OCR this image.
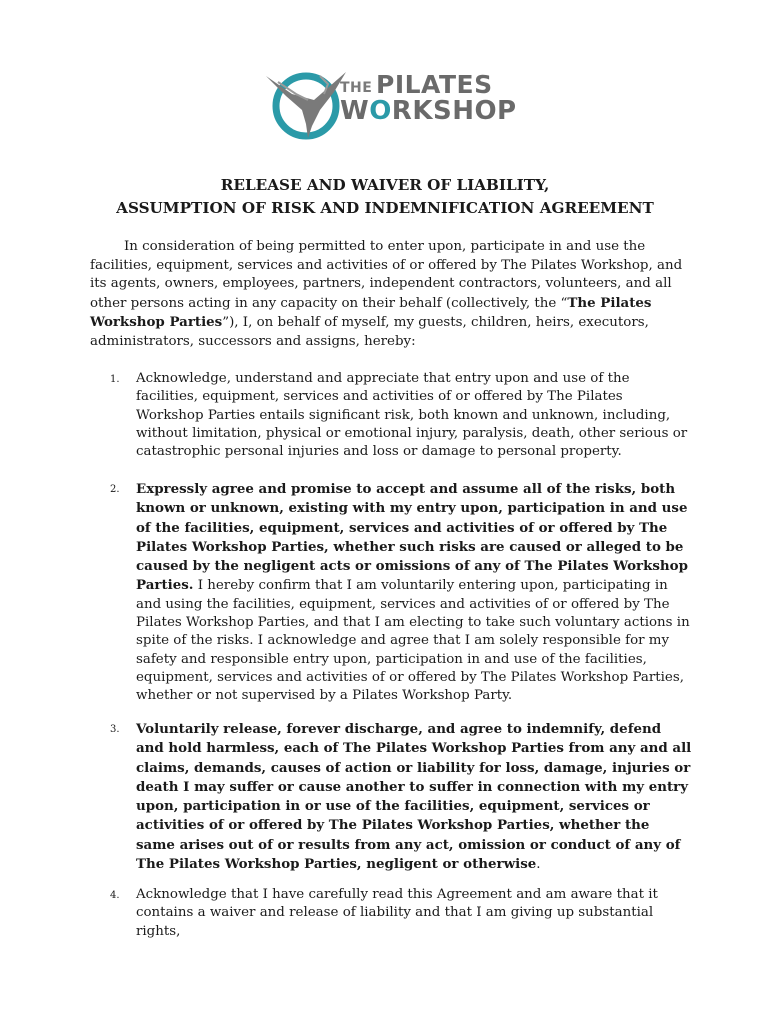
THE PILATES
WORKSHOP
RELEASE AND WAIVER OF LIABILITY,
ASSUMPTION OF RISK AND INDEMNIFICATION AGREEMENT

In consideration of being permitted to enter upon, participate in and use the facilities, equipment, services and activities of or offered by The Pilates Workshop, and its agents, owners, employees, partners, independent contractors, volunteers, and all other persons acting in any capacity on their behalf (collectively, the “The Pilates Workshop Parties”), I, on behalf of myself, my guests, children, heirs, executors, administrators, successors and assigns, hereby:

1. Acknowledge, understand and appreciate that entry upon and use of the facilities, equipment, services and activities of or offered by The Pilates Workshop Parties entails significant risk, both known and unknown, including, without limitation, physical or emotional injury, paralysis, death, other serious or catastrophic personal injuries and loss or damage to personal property.

2. Expressly agree and promise to accept and assume all of the risks, both known or unknown, existing with my entry upon, participation in and use of the facilities, equipment, services and activities of or offered by The Pilates Workshop Parties, whether such risks are caused or alleged to be caused by the negligent acts or omissions of any of The Pilates Workshop Parties. I hereby confirm that I am voluntarily entering upon, participating in and using the facilities, equipment, services and activities of or offered by The Pilates Workshop Parties, and that I am electing to take such voluntary actions in spite of the risks. I acknowledge and agree that I am solely responsible for my safety and responsible entry upon, participation in and use of the facilities, equipment, services and activities of or offered by The Pilates Workshop Parties, whether or not supervised by a Pilates Workshop Party.

3. Voluntarily release, forever discharge, and agree to indemnify, defend and hold harmless, each of The Pilates Workshop Parties from any and all claims, demands, causes of action or liability for loss, damage, injuries or death I may suffer or cause another to suffer in connection with my entry upon, participation in or use of the facilities, equipment, services or activities of or offered by The Pilates Workshop Parties, whether the same arises out of or results from any act, omission or conduct of any of The Pilates Workshop Parties, negligent or otherwise.

4. Acknowledge that I have carefully read this Agreement and am aware that it contains a waiver and release of liability and that I am giving up substantial rights,
